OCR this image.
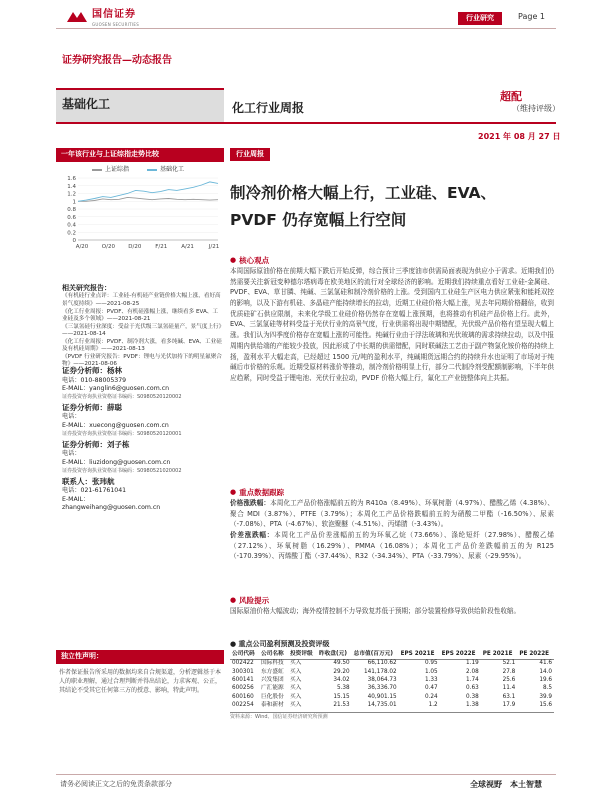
国信证券
GUOSEN SECURITIES
行业研究	Page 1
证券研究报告—动态报告
基础化工	化工行业周报
超配
（维持评级）
2021 年 08 月 27 日
一年该行业与上证综指走势比较
上证综指	基础化工
0
0.2
0.4
0.6
0.8
1
1.2
1.4
1.6
A/20 O/20 D/20	F/21	A/21	J/21
相关研究报告：
《有机硅行业点评：工业硅-有机硅产业链价格大幅上涨，看好高景气度持续》——2021-08-25
《化工行业周报：PVDF、有机硅涨幅上涨，继续看多 EVA、工业硅及多个领域》——2021-08-21
《三氯氢硅行业深度：受益于光伏级三氯氢硅量产，景气度上行》——2021-08-14
《化工行业周报：PVDF、制冷剂大涨，看多纯碱、EVA、工业硅及有机硅周期》——2021-08-13
《PVDF 行业研究报告：PVDF：锂电与光伏加持下的明星氟聚合物》——2021-08-06
证券分析师：杨林
电话：010-88005379
E-MAIL：yanglin6@guosen.com.cn
证券投资咨询执业资格证书编码：S0980520120002
证券分析师：薛聪
电话：
E-MAIL：xuecong@guosen.com.cn
证券投资咨询执业资格证书编码：S0980520120001
证券分析师：刘子栋
电话：
E-MAIL：liuzidong@guosen.com.cn
证券投资咨询执业资格证书编码：S0980521020002
联系人：张玮航
电话：021-61761041
E-MAIL：
zhangweihang@guosen.com.cn
独立性声明：
作者保证报告所采用的数据均来自合规渠道，分析逻辑基于本人的职业理解，通过合理判断并得出结论，力求客观、公正，其结论不受其它任何第三方的授意、影响，特此声明。
行业周报
制冷剂价格大幅上行，工业硅、EVA、
PVDF 仍存宽幅上行空间
● 核心观点
本周国际原油价格在前期大幅下跌后开始反弹，综合预计三季度油市供需局面表现为供应小于需求。近期我们仍然需要关注新冠变种德尔塔病毒在欧美地区的流行对全球经济的影响。近期我们持续重点看好工业硅-金属硅、PVDF、EVA、草甘膦、纯碱、三氯氢硅和制冷剂价格的上涨。受到国内工业硅生产区电力供应紧张和能耗双控的影响，以及下游有机硅、多晶硅产能持续增长的拉动，近期工业硅价格大幅上涨，见去年同期价格翻倍，收到优质硅矿石供应限制，未来化学级工业硅价格仍然存在宽幅上涨预期，也将推动有机硅产品价格上行。此外，EVA、三氯氢硅等材料受益于光伏行业的高景气度，行业供需将出现中期错配，光伏级产品价格有望呈现大幅上涨。我们认为四季度价格存在宽幅上涨的可能性。纯碱行业由于浮法玻璃和光伏玻璃的需求持续拉动，以及中报周期内供给端的产能较少投放，因此形成了中长期的供需错配，同时联碱法工艺由于副产物氯化铵价格的持续上扬，盈利水平大幅走高，已经超过 1500 元/吨的盈利水平，纯碱期货远期合约的持续升水也证明了市场对于纯碱后市价格的乐观。近期受原材料涨价等推动，制冷剂价格明显上行，部分二代制冷剂受配额制影响，下半年供应趋紧，同时受益于锂电池、光伏行业拉动，PVDF 价格大幅上行，氟化工产业链整体向上共振。
● 重点数据跟踪
价格涨跌幅：本周化工产品价格涨幅前五的为 R410a（8.49%）、环氧树脂（4.97%）、醋酸乙烯（4.38%）、聚合 MDI（3.87%）、PTFE（3.79%）；本周化工产品价格跌幅前五的为硝酸二甲酯（-16.50%）、尿素（-7.08%）、PTA（-4.67%）、软泡聚醚（-4.51%）、丙烯腈（-3.43%）。
价差涨跌幅：本周化工产品价差涨幅前五的为环氧乙烷（73.66%）、涤纶短纤（27.98%）、醋酸乙烯（27.12%）、环氧树脂（16.29%）、PMMA（16.08%）；本周化工产品价差跌幅前五的为 R125（-170.39%）、丙烯酸丁酯（-37.44%）、R32（-34.34%）、PTA（-33.79%）、尿素（-29.95%）。
● 风险提示
国际原油价格大幅波动；海外疫情控制不力导致复苏低于预期；部分装置检修导致供给阶段性收缩。
● 重点公司盈利预测及投资评级
公司代码	公司名称	投资评级	昨收盘(元)	总市值(百万元)	EPS 2021E	EPS 2022E	PE 2021E	PE 2022E
002422	国际科技	买入	49.50	66,110.62	0.95	1.19	52.1	41.6
300301	东方盛虹	买入	29.20	141,178.02	1.05	2.08	27.8	14.0
600141	兴发集团	买入	34.02	38,064.73	1.33	1.74	25.6	19.6
600256	广汇能源	买入	5.38	36,336.70	0.47	0.63	11.4	8.5
600160	巨化股份	买入	15.15	40,901.15	0.24	0.38	63.1	39.9
002254	泰和新材	买入	21.53	14,735.01	1.2	1.38	17.9	15.6
资料来源：Wind、国信证券经济研究所预测
请务必阅读正文之后的免责条款部分	全球视野　本土智慧
